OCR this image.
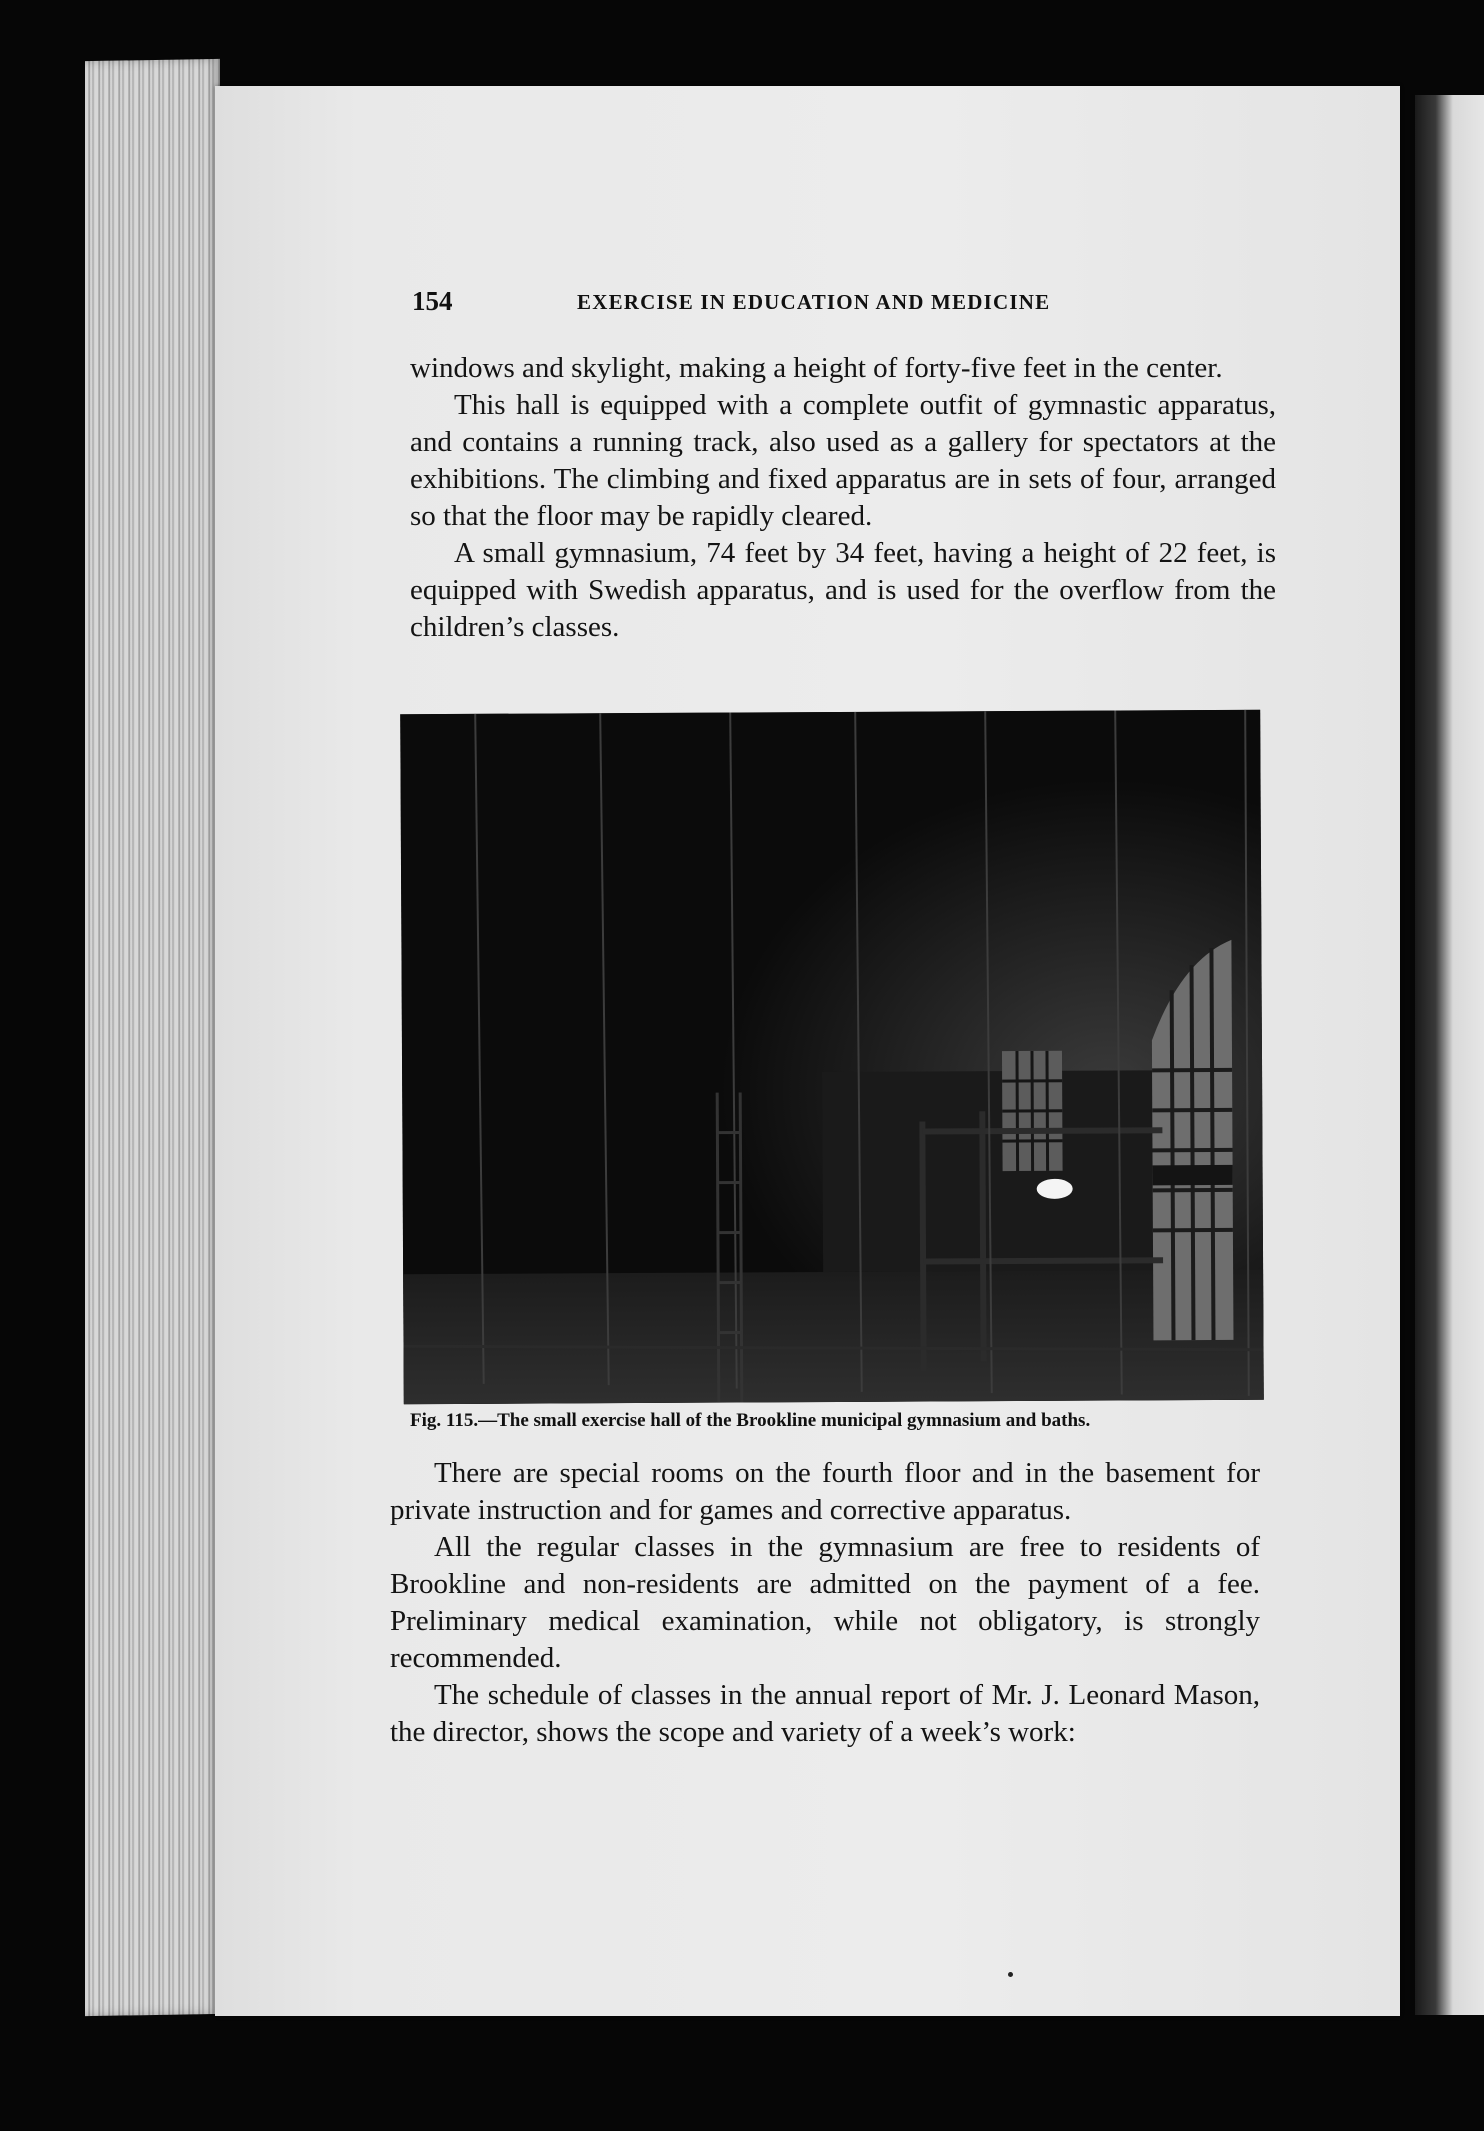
154	EXERCISE IN EDUCATION AND MEDICINE

windows and skylight, making a height of forty-five feet in the center.

This hall is equipped with a complete outfit of gymnastic apparatus, and contains a running track, also used as a gallery for spectators at the exhibitions. The climbing and fixed apparatus are in sets of four, arranged so that the floor may be rapidly cleared.

A small gymnasium, 74 feet by 34 feet, having a height of 22 feet, is equipped with Swedish apparatus, and is used for the overflow from the children’s classes.

Fig. 115.—The small exercise hall of the Brookline municipal gymnasium and baths.

There are special rooms on the fourth floor and in the basement for private instruction and for games and corrective apparatus.

All the regular classes in the gymnasium are free to residents of Brookline and non-residents are admitted on the payment of a fee. Preliminary medical examination, while not obligatory, is strongly recommended.

The schedule of classes in the annual report of Mr. J. Leonard Mason, the director, shows the scope and variety of a week’s work:
